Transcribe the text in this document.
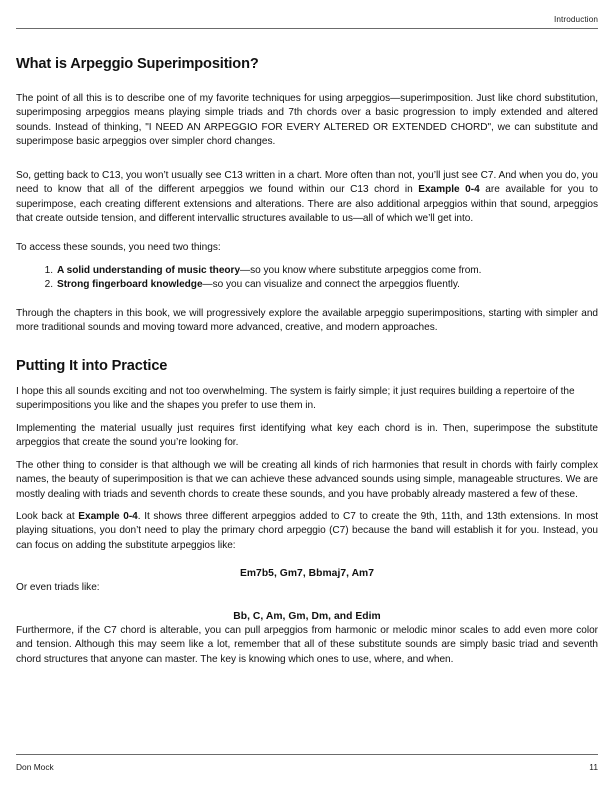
Introduction
What is Arpeggio Superimposition?

The point of all this is to describe one of my favorite techniques for using arpeggios—superimposition. Just like chord substitution, superimposing arpeggios means playing simple triads and 7th chords over a basic progression to imply extended and altered sounds. Instead of thinking, "I NEED AN ARPEGGIO FOR EVERY ALTERED OR EXTENDED CHORD", we can substitute and superimpose basic arpeggios over simpler chord changes.

So, getting back to C13, you won’t usually see C13 written in a chart. More often than not, you’ll just see C7. And when you do, you need to know that all of the different arpeggios we found within our C13 chord in Example 0-4 are available for you to superimpose, each creating different extensions and alterations. There are also additional arpeggios within that sound, arpeggios that create outside tension, and different intervallic structures available to us—all of which we’ll get into.

To access these sounds, you need two things:

1. A solid understanding of music theory—so you know where substitute arpeggios come from.
2. Strong fingerboard knowledge—so you can visualize and connect the arpeggios fluently.

Through the chapters in this book, we will progressively explore the available arpeggio superimpositions, starting with simpler and more traditional sounds and moving toward more advanced, creative, and modern approaches.

Putting It into Practice

I hope this all sounds exciting and not too overwhelming. The system is fairly simple; it just requires building a repertoire of the superimpositions you like and the shapes you prefer to use them in.

Implementing the material usually just requires first identifying what key each chord is in. Then, superimpose the substitute arpeggios that create the sound you’re looking for.

The other thing to consider is that although we will be creating all kinds of rich harmonies that result in chords with fairly complex names, the beauty of superimposition is that we can achieve these advanced sounds using simple, manageable structures. We are mostly dealing with triads and seventh chords to create these sounds, and you have probably already mastered a few of these.

Look back at Example 0-4. It shows three different arpeggios added to C7 to create the 9th, 11th, and 13th extensions. In most playing situations, you don’t need to play the primary chord arpeggio (C7) because the band will establish it for you. Instead, you can focus on adding the substitute arpeggios like:

Em7b5, Gm7, Bbmaj7, Am7

Or even triads like:

Bb, C, Am, Gm, Dm, and Edim

Furthermore, if the C7 chord is alterable, you can pull arpeggios from harmonic or melodic minor scales to add even more color and tension. Although this may seem like a lot, remember that all of these substitute sounds are simply basic triad and seventh chord structures that anyone can master. The key is knowing which ones to use, where, and when.

Don Mock	11
